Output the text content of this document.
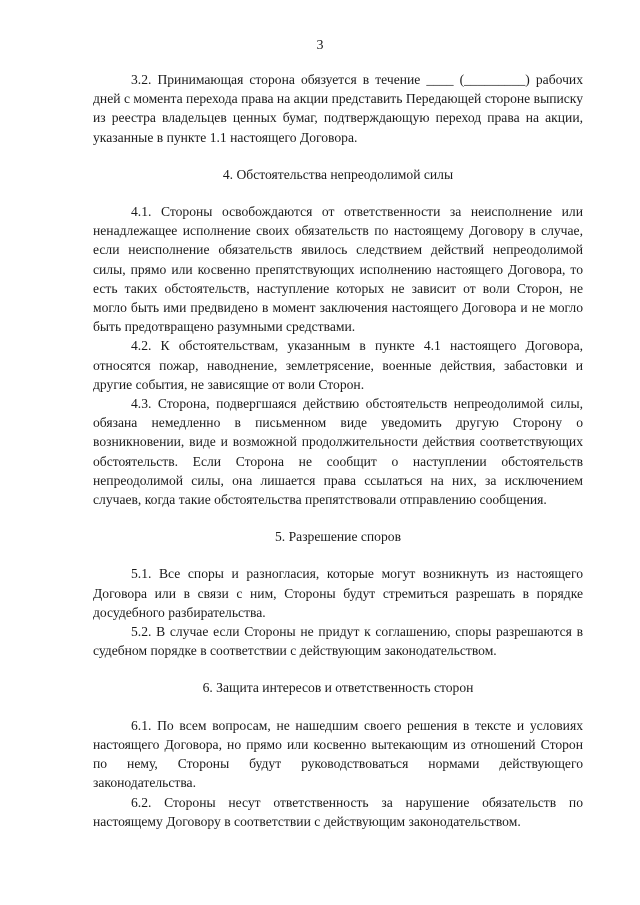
3

3.2. Принимающая сторона обязуется в течение ____ (_________) рабочих дней с момента перехода права на акции представить Передающей стороне выписку из реестра владельцев ценных бумаг, подтверждающую переход права на акции, указанные в пункте 1.1 настоящего Договора.

4. Обстоятельства непреодолимой силы

4.1. Стороны освобождаются от ответственности за неисполнение или ненадлежащее исполнение своих обязательств по настоящему Договору в случае, если неисполнение обязательств явилось следствием действий непреодолимой силы, прямо или косвенно препятствующих исполнению настоящего Договора, то есть таких обстоятельств, наступление которых не зависит от воли Сторон, не могло быть ими предвидено в момент заключения настоящего Договора и не могло быть предотвращено разумными средствами.

4.2. К обстоятельствам, указанным в пункте 4.1 настоящего Договора, относятся пожар, наводнение, землетрясение, военные действия, забастовки и другие события, не зависящие от воли Сторон.

4.3. Сторона, подвергшаяся действию обстоятельств непреодолимой силы, обязана немедленно в письменном виде уведомить другую Сторону о возникновении, виде и возможной продолжительности действия соответствующих обстоятельств. Если Сторона не сообщит о наступлении обстоятельств непреодолимой силы, она лишается права ссылаться на них, за исключением случаев, когда такие обстоятельства препятствовали отправлению сообщения.

5. Разрешение споров

5.1. Все споры и разногласия, которые могут возникнуть из настоящего Договора или в связи с ним, Стороны будут стремиться разрешать в порядке досудебного разбирательства.

5.2. В случае если Стороны не придут к соглашению, споры разрешаются в судебном порядке в соответствии с действующим законодательством.

6. Защита интересов и ответственность сторон

6.1. По всем вопросам, не нашедшим своего решения в тексте и условиях настоящего Договора, но прямо или косвенно вытекающим из отношений Сторон по нему, Стороны будут руководствоваться нормами действующего законодательства.

6.2. Стороны несут ответственность за нарушение обязательств по настоящему Договору в соответствии с действующим законодательством.
